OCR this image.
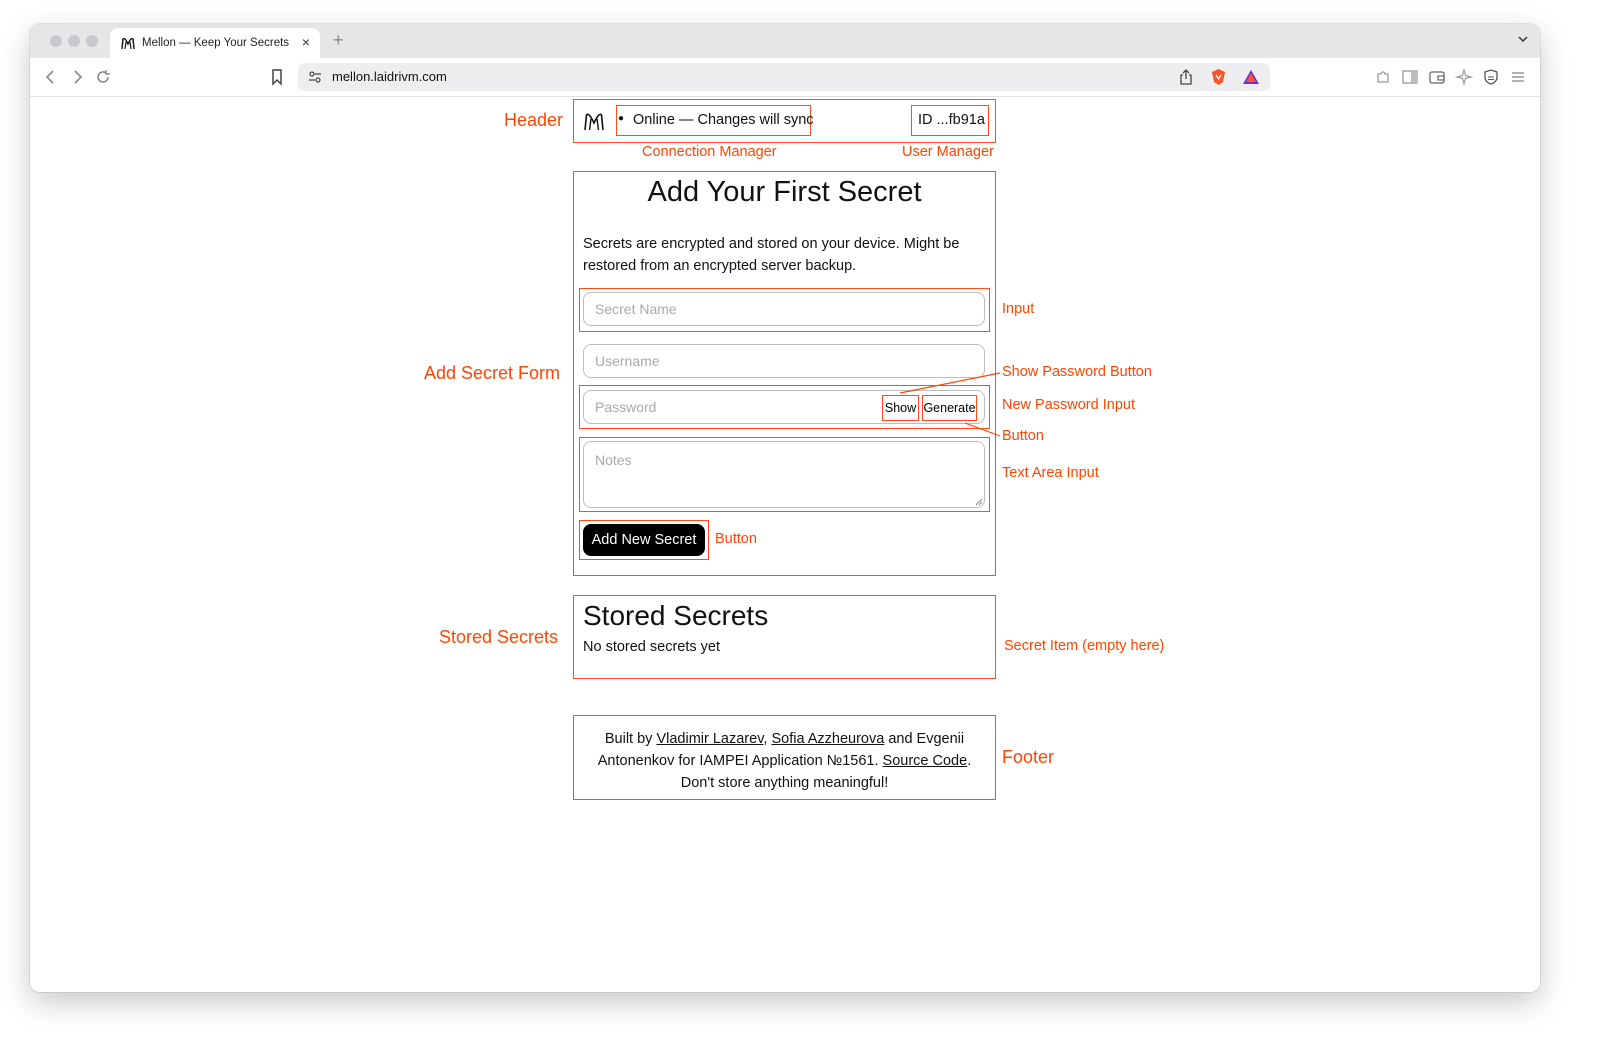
Mellon — Keep Your Secrets × +
mellon.laidrivm.com
● Online — Changes will sync	ID ...fb91a
Header
Connection Manager	User Manager
Add Your First Secret
Secrets are encrypted and stored on your device. Might be restored from an encrypted server backup.
Secret Name
Username
Password	Show Generate
Notes
Add New Secret
Add Secret Form
Input
Show Password Button
New Password Input
Button
Text Area Input
Button
Stored Secrets
No stored secrets yet
Stored Secrets	Secret Item (empty here)
Built by Vladimir Lazarev, Sofia Azzheurova and Evgenii Antonenkov for IAMPEI Application №1561. Source Code. Don't store anything meaningful!
Footer
